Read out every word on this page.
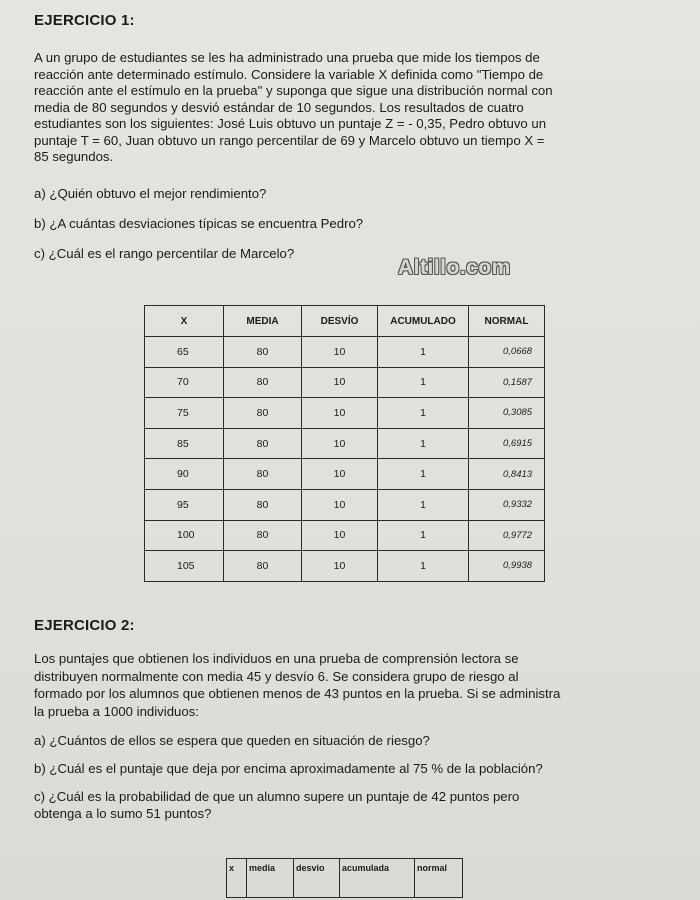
EJERCICIO 1:

A un grupo de estudiantes se les ha administrado una prueba que mide los tiempos de

reacción ante determinado estímulo. Considere la variable X definida como "Tiempo de

reacción ante el estímulo en la prueba" y suponga que sigue una distribución normal con

media de 80 segundos y desvió estándar de 10 segundos. Los resultados de cuatro

estudiantes son los siguientes: José Luis obtuvo un puntaje Z = - 0,35, Pedro obtuvo un

puntaje T = 60, Juan obtuvo un rango percentilar de 69 y Marcelo obtuvo un tiempo X =

85 segundos.

a) ¿Quién obtuvo el mejor rendimiento?

b) ¿A cuántas desviaciones típicas se encuentra Pedro?

c) ¿Cuál es el rango percentilar de Marcelo?

Altillo.com
X	MEDIA	DESVÍO	ACUMULADO	NORMAL
65	80	10	1	0,0668
70	80	10	1	0,1587
75	80	10	1	0,3085
85	80	10	1	0,6915
90	80	10	1	0,8413
95	80	10	1	0,9332
100	80	10	1	0,9772
105	80	10	1	0,9938
EJERCICIO 2:

Los puntajes que obtienen los individuos en una prueba de comprensión lectora se

distribuyen normalmente con media 45 y desvío 6. Se considera grupo de riesgo al

formado por los alumnos que obtienen menos de 43 puntos en la prueba. Si se administra

la prueba a 1000 individuos:

a) ¿Cuántos de ellos se espera que queden en situación de riesgo?

b) ¿Cuál es el puntaje que deja por encima aproximadamente al 75 % de la población?

c) ¿Cuál es la probabilidad de que un alumno supere un puntaje de 42 puntos pero

obtenga a lo sumo 51 puntos?

x	media	desvio	acumulada	normal
